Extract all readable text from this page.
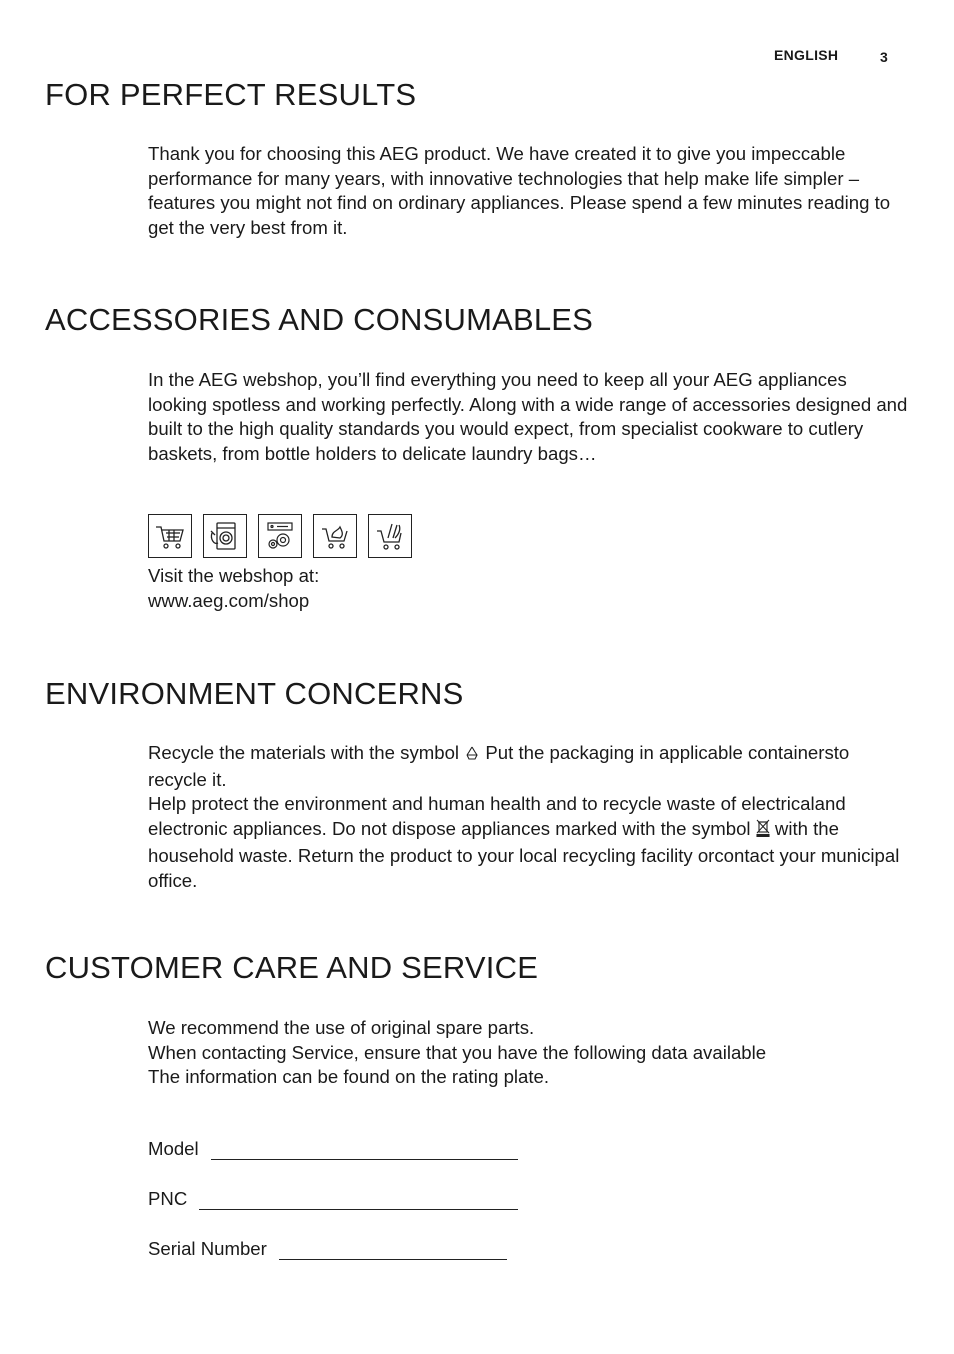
ENGLISH	3
FOR PERFECT RESULTS

Thank you for choosing this AEG product. We have created it to give you impeccable performance for many years, with innovative technologies that help make life simpler – features you might not find on ordinary appliances. Please spend a few minutes reading to get the very best from it.

ACCESSORIES AND CONSUMABLES

In the AEG webshop, you’ll find everything you need to keep all your AEG appliances looking spotless and working perfectly. Along with a wide range of accessories designed and built to the high quality standards you would expect, from specialist cookware to cutlery baskets, from bottle holders to delicate laundry bags…

Visit the webshop at:

www.aeg.com/shop

ENVIRONMENT CONCERNS

Recycle the materials with the symbol Put the packaging in applicable containersto recycle it.

Help protect the environment and human health and to recycle waste of electricaland electronic appliances. Do not dispose appliances marked with the symbol with the household waste. Return the product to your local recycling facility orcontact your municipal office.

CUSTOMER CARE AND SERVICE

We recommend the use of original spare parts.

When contacting Service, ensure that you have the following data available

The information can be found on the rating plate.

Model
PNC
Serial Number
